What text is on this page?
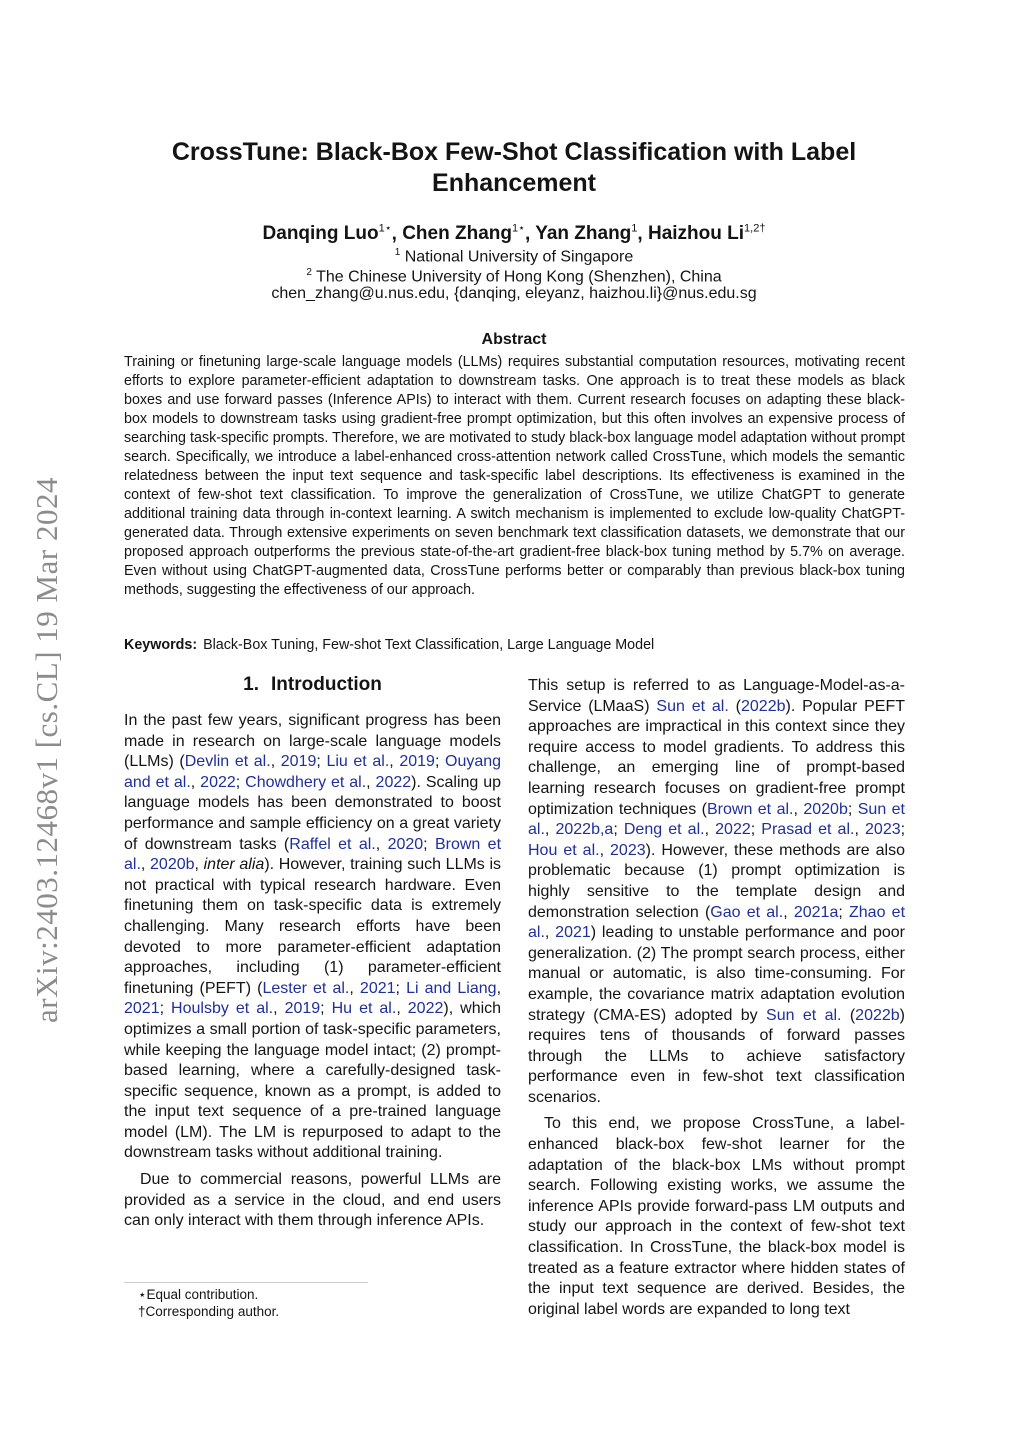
arXiv:2403.12468v1 [cs.CL] 19 Mar 2024
CrossTune: Black-Box Few-Shot Classification with Label Enhancement
Danqing Luo$^{1⋆}$, Chen Zhang$^{1⋆}$, Yan Zhang$^1$, Haizhou $Li^{1,2\dagger}$
$^1$ National University of Singapore
$^2$ The Chinese University of Hong Kong (Shenzhen), China
chen_zhang@u.nus.edu, {danqing, eleyanz, haizhou.li}@nus.edu.sg
Abstract

Training or finetuning large-scale language models (LLMs) requires substantial computation resources, motivating recent efforts to explore parameter-efficient adaptation to downstream tasks. One approach is to treat these models as black boxes and use forward passes (Inference APIs) to interact with them. Current research focuses on adapting these black-box models to downstream tasks using gradient-free prompt optimization, but this often involves an expensive process of searching task-specific prompts. Therefore, we are motivated to study black-box language model adaptation without prompt search. Specifically, we introduce a label-enhanced cross-attention network called CrossTune, which models the semantic relatedness between the input text sequence and task-specific label descriptions. Its effectiveness is examined in the context of few-shot text classification. To improve the generalization of CrossTune, we utilize ChatGPT to generate additional training data through in-context learning. A switch mechanism is implemented to exclude low-quality ChatGPT-generated data. Through extensive experiments on seven benchmark text classification datasets, we demonstrate that our proposed approach outperforms the previous state-of-the-art gradient-free black-box tuning method by 5.7% on average. Even without using ChatGPT-augmented data, CrossTune performs better or comparably than previous black-box tuning methods, suggesting the effectiveness of our approach.

Keywords: Black-Box Tuning, Few-shot Text Classification, Large Language Model
1. Introduction

In the past few years, significant progress has been made in research on large-scale language models (LLMs) (Devlin et al., 2019; Liu et al., 2019; Ouyang and et al., 2022; Chowdhery et al., 2022). Scaling up language models has been demonstrated to boost performance and sample efficiency on a great variety of downstream tasks (Raffel et al., 2020; Brown et al., 2020b, inter alia). However, training such LLMs is not practical with typical research hardware. Even finetuning them on task-specific data is extremely challenging. Many research efforts have been devoted to more parameter-efficient adaptation approaches, including (1) parameter-efficient finetuning (PEFT) (Lester et al., 2021; Li and Liang, 2021; Houlsby et al., 2019; Hu et al., 2022), which optimizes a small portion of task-specific parameters, while keeping the language model intact; (2) prompt-based learning, where a carefully-designed task-specific sequence, known as a prompt, is added to the input text sequence of a pre-trained language model (LM). The LM is repurposed to adapt to the downstream tasks without additional training.

Due to commercial reasons, powerful LLMs are provided as a service in the cloud, and end users can only interact with them through inference APIs.

This setup is referred to as Language-Model-as-a-Service (LMaaS) Sun et al. (2022b). Popular PEFT approaches are impractical in this context since they require access to model gradients. To address this challenge, an emerging line of prompt-based learning research focuses on gradient-free prompt optimization techniques (Brown et al., 2020b; Sun et al., 2022b,a; Deng et al., 2022; Prasad et al., 2023; Hou et al., 2023). However, these methods are also problematic because (1) prompt optimization is highly sensitive to the template design and demonstration selection (Gao et al., 2021a; Zhao et al., 2021) leading to unstable performance and poor generalization. (2) The prompt search process, either manual or automatic, is also time-consuming. For example, the covariance matrix adaptation evolution strategy (CMA-ES) adopted by Sun et al. (2022b) requires tens of thousands of forward passes through the LLMs to achieve satisfactory performance even in few-shot text classification scenarios.

To this end, we propose CrossTune, a label-enhanced black-box few-shot learner for the adaptation of the black-box LMs without prompt search. Following existing works, we assume the inference APIs provide forward-pass LM outputs and study our approach in the context of few-shot text classification. In CrossTune, the black-box model is treated as a feature extractor where hidden states of the input text sequence are derived. Besides, the original label words are expanded to long text

⋆Equal contribution.
†Corresponding author.
